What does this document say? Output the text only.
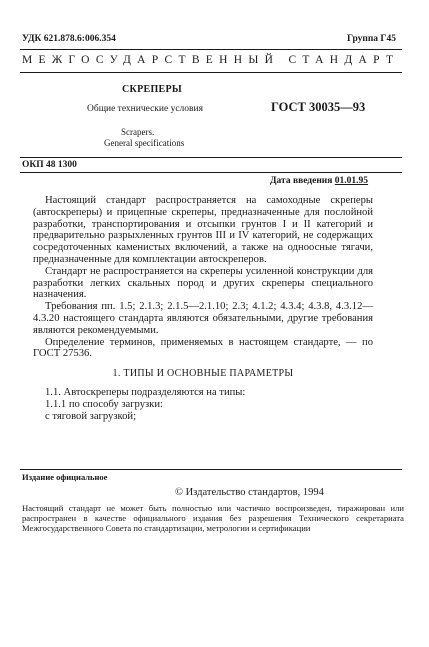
УДК 621.878.6:006.354	Группа Г45
МЕЖГОСУДАРСТВЕННЫЙ СТАНДАРТ
СКРЕПЕРЫ
Общие технические условия	ГОСТ 30035—93
Scrapers.
General specifications
ОКП 48 1300
Дата введения 01.01.95

Настоящий стандарт распространяется на самоходные скреперы (автоскреперы) и прицепные скреперы, предназначенные для послойной разработки, транспортирования и отсыпки грунтов I и II категорий и предварительно разрыхленных грунтов III и IV категорий, не содержащих сосредоточенных каменистых включений, а также на одноосные тягачи, предназначенные для комплектации автоскреперов.

Стандарт не распространяется на скреперы усиленной конструкции для разработки легких скальных пород и других скреперы специального назначения.

Требования пп. 1.5; 2.1.3; 2.1.5—2.1.10; 2.3; 4.1.2; 4.3.4; 4.3.8, 4.3.12—4.3.20 настоящего стандарта являются обязательными, другие требования являются рекомендуемыми.

Определение терминов, применяемых в настоящем стандарте, — по ГОСТ 27536.

1. ТИПЫ И ОСНОВНЫЕ ПАРАМЕТРЫ

1.1. Автоскреперы подразделяются на типы:

1.1.1 по способу загрузки:

с тяговой загрузкой;

Издание официальное
© Издательство стандартов, 1994
Настоящий стандарт не может быть полностью или частично воспроизведен, тиражирован или распространен в качестве официального издания без разрешения Технического секретариата Межгосударственного Совета по стандартизации, метрологии и сертификации
